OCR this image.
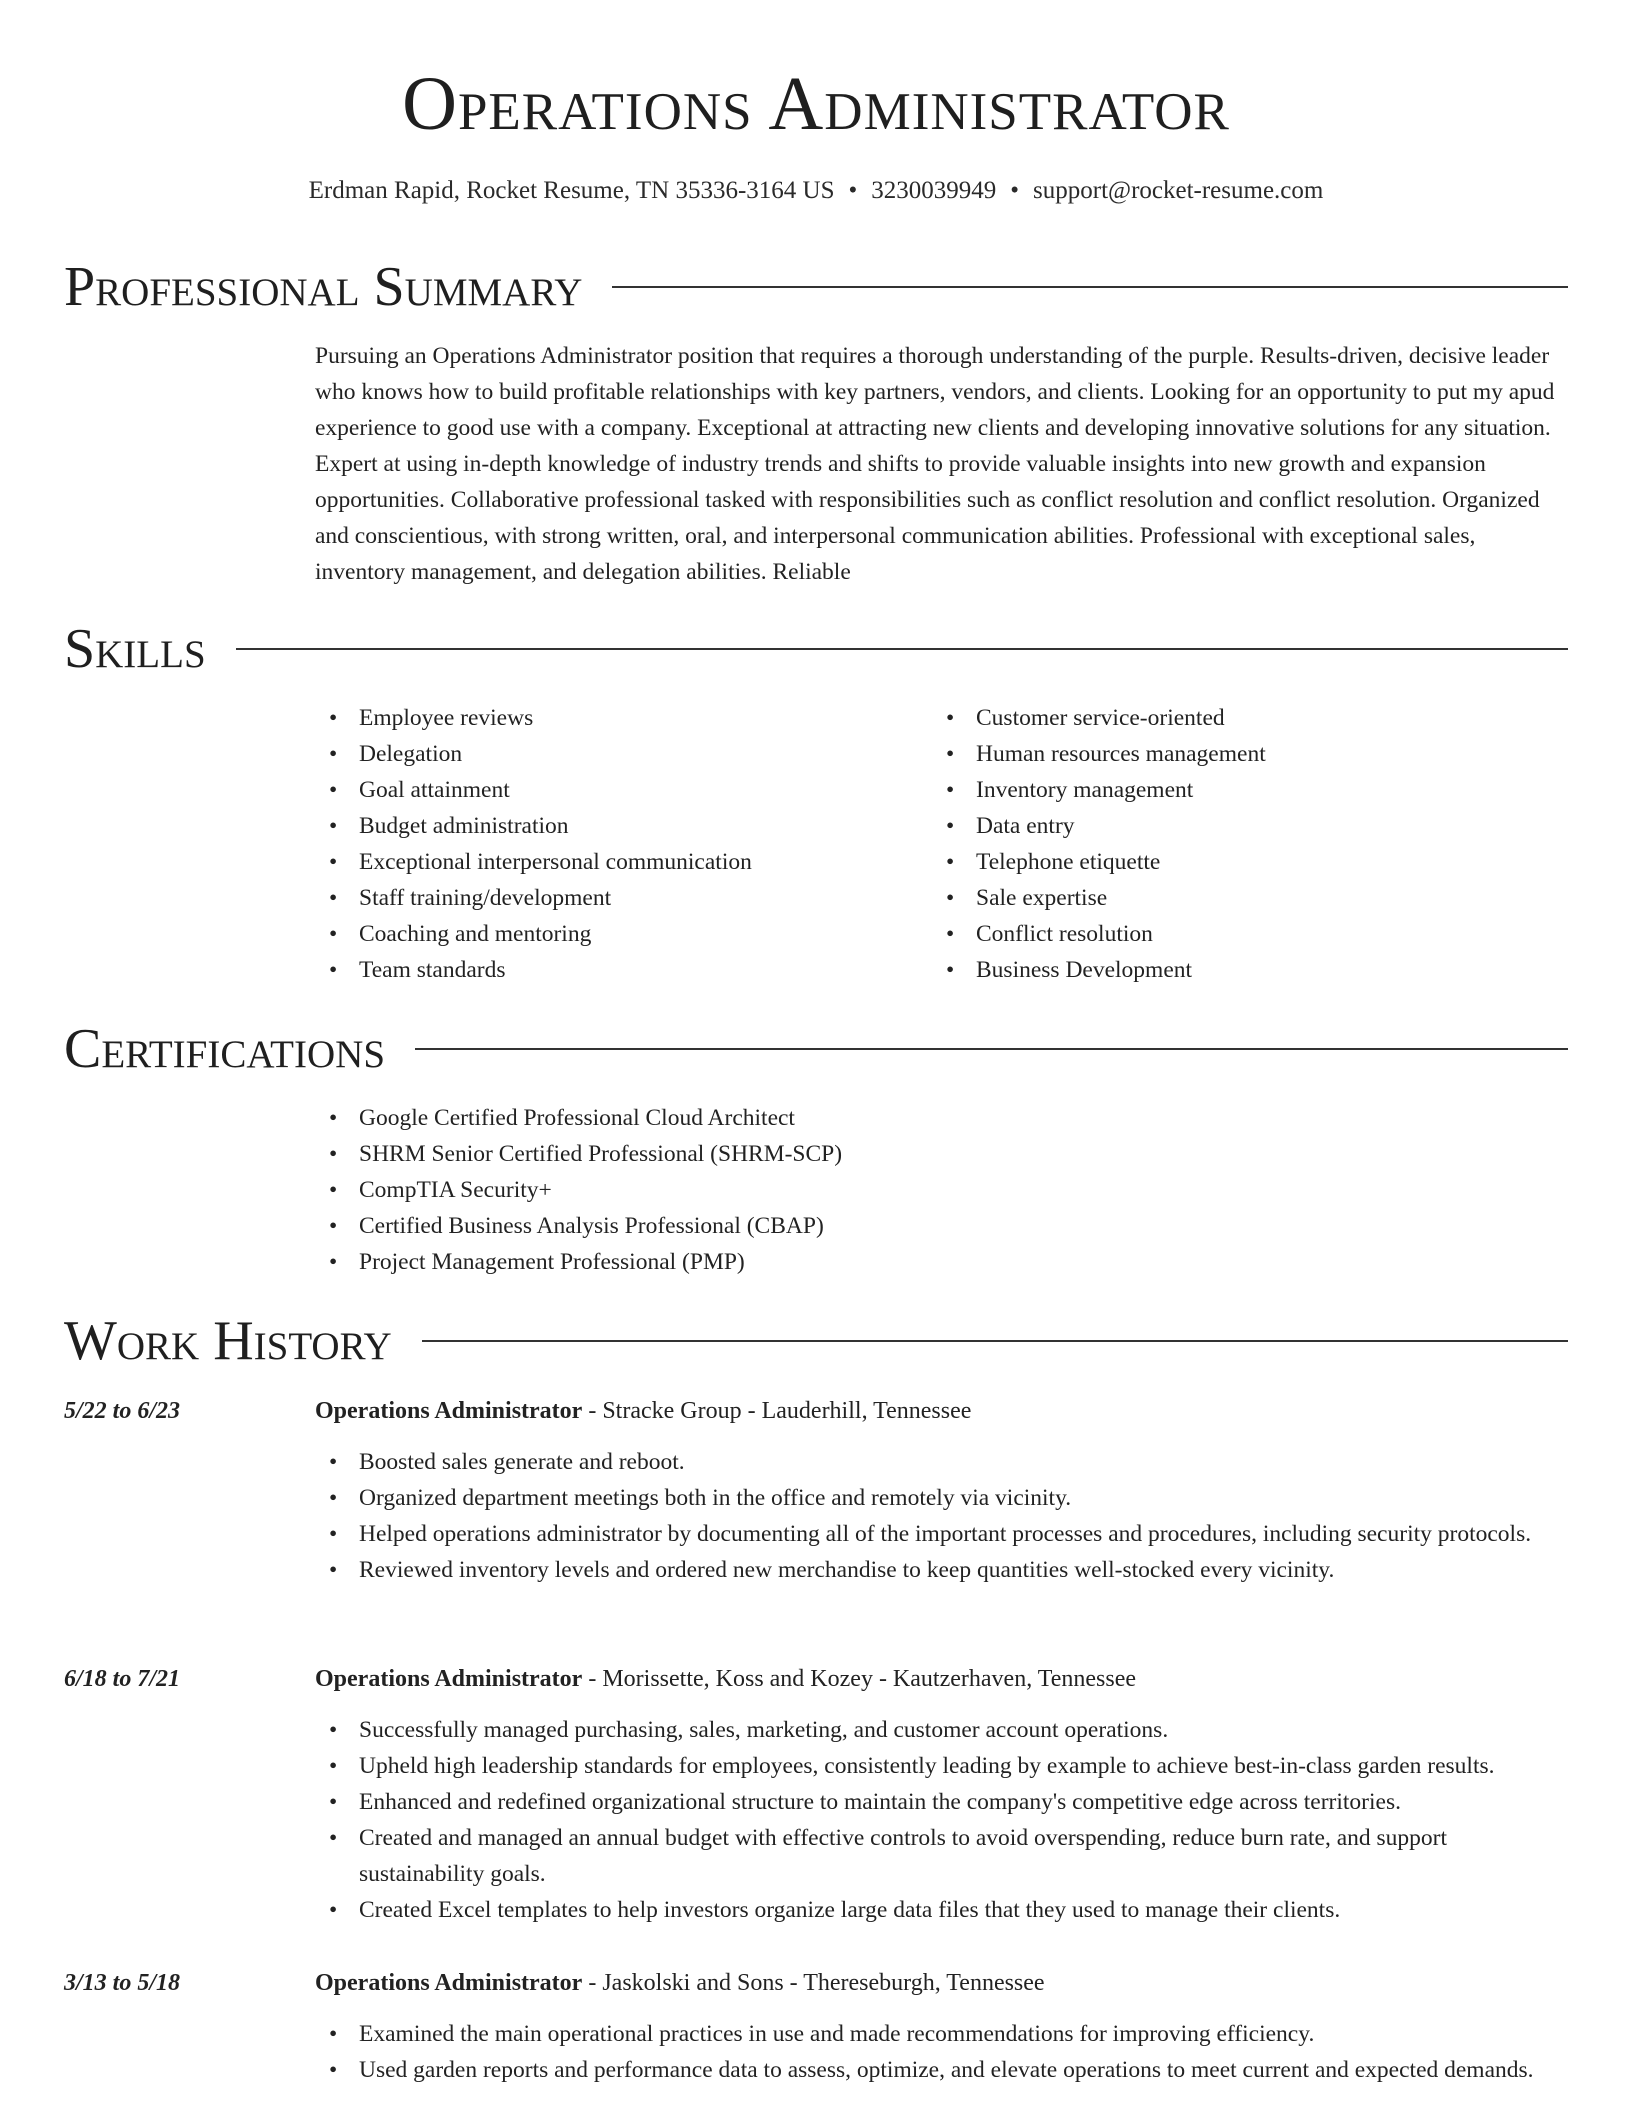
Operations Administrator
Erdman Rapid, Rocket Resume, TN 35336-3164 US • 3230039949 • support@rocket-resume.com
Professional Summary

Pursuing an Operations Administrator position that requires a thorough understanding of the purple. Results-driven, decisive leader who knows how to build profitable relationships with key partners, vendors, and clients. Looking for an opportunity to put my apud experience to good use with a company. Exceptional at attracting new clients and developing innovative solutions for any situation. Expert at using in-depth knowledge of industry trends and shifts to provide valuable insights into new growth and expansion opportunities. Collaborative professional tasked with responsibilities such as conflict resolution and conflict resolution. Organized and conscientious, with strong written, oral, and interpersonal communication abilities. Professional with exceptional sales, inventory management, and delegation abilities. Reliable

Skills
• Employee reviews
• Delegation
• Goal attainment
• Budget administration
• Exceptional interpersonal communication
• Staff training/development
• Coaching and mentoring
• Team standards
• Customer service-oriented
• Human resources management
• Inventory management
• Data entry
• Telephone etiquette
• Sale expertise
• Conflict resolution
• Business Development
Certifications
• Google Certified Professional Cloud Architect
• SHRM Senior Certified Professional (SHRM-SCP)
• CompTIA Security+
• Certified Business Analysis Professional (CBAP)
• Project Management Professional (PMP)
Work History
5/22 to 6/23	Operations Administrator - Stracke Group - Lauderhill, Tennessee
• Boosted sales generate and reboot.
• Organized department meetings both in the office and remotely via vicinity.
• Helped operations administrator by documenting all of the important processes and procedures, including security protocols.
• Reviewed inventory levels and ordered new merchandise to keep quantities well-stocked every vicinity.
6/18 to 7/21	Operations Administrator - Morissette, Koss and Kozey - Kautzerhaven, Tennessee
• Successfully managed purchasing, sales, marketing, and customer account operations.
• Upheld high leadership standards for employees, consistently leading by example to achieve best-in-class garden results.
• Enhanced and redefined organizational structure to maintain the company's competitive edge across territories.
• Created and managed an annual budget with effective controls to avoid overspending, reduce burn rate, and support sustainability goals.
• Created Excel templates to help investors organize large data files that they used to manage their clients.
3/13 to 5/18	Operations Administrator - Jaskolski and Sons - Thereseburgh, Tennessee
• Examined the main operational practices in use and made recommendations for improving efficiency.
• Used garden reports and performance data to assess, optimize, and elevate operations to meet current and expected demands.
